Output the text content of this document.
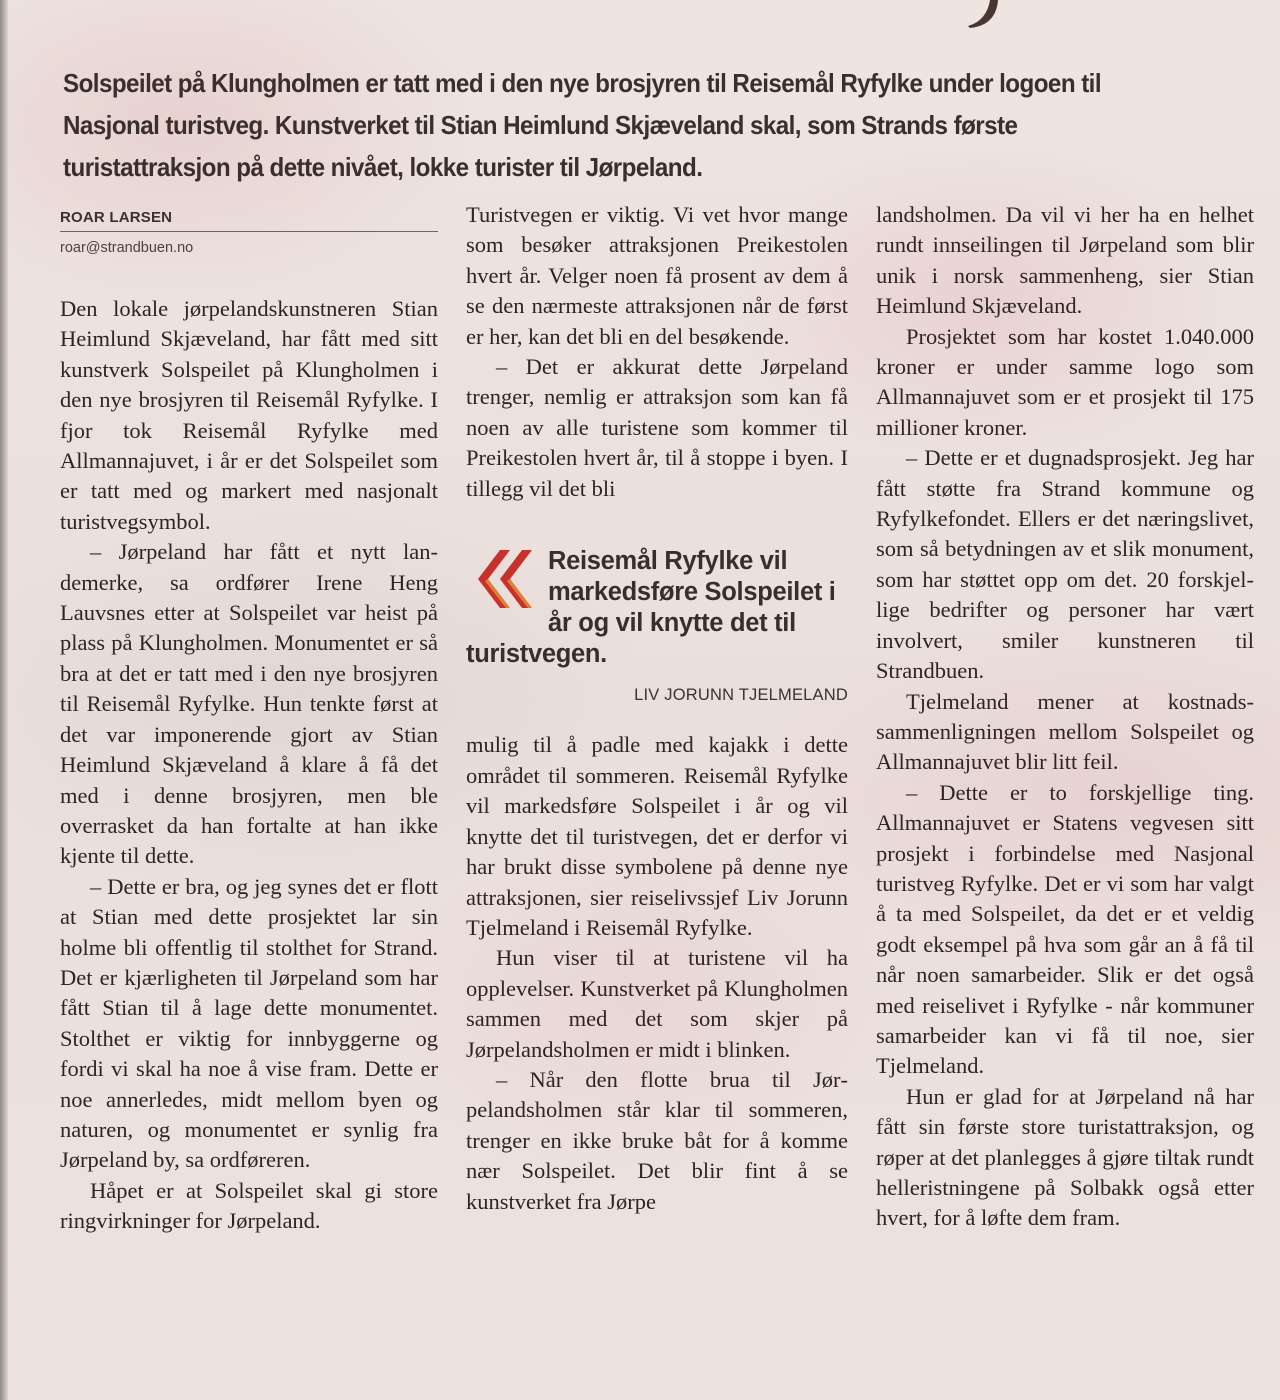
Solspeilet på Klungholmen er tatt med i den nye brosjyren til Reisemål Ryfylke under logoen til Nasjonal turistveg. Kunstverket til Stian Heimlund Skjæveland skal, som Strands første turistattraksjon på dette nivået, lokke turister til Jørpeland.

ROAR LARSEN
roar@strandbuen.no

Den lokale jørpelandskunstneren Stian Heimlund Skjæveland, har fått med sitt kunstverk Solspeilet på Klungholmen i den nye brosjyren til Reisemål Ryfylke. I fjor tok Reisemål Ryfylke med Allmannajuvet, i år er det Solspeilet som er tatt med og markert med nasjonalt turistvegsymbol.

– Jørpeland har fått et nytt landemerke, sa ordfører Irene Heng Lauvsnes etter at Solspeilet var heist på plass på Klungholmen. Monumentet er så bra at det er tatt med i den nye brosjyren til Reisemål Ryfylke. Hun tenkte først at det var imponerende gjort av Stian Heimlund Skjæveland å klare å få det med i denne brosjyren, men ble overrasket da han fortalte at han ikke kjente til dette.

– Dette er bra, og jeg synes det er flott at Stian med dette prosjektet lar sin holme bli offentlig til stolthet for Strand. Det er kjærligheten til Jørpeland som har fått Stian til å lage dette monumentet. Stolthet er viktig for innbyggerne og fordi vi skal ha noe å vise fram. Dette er noe annerledes, midt mellom byen og naturen, og monumentet er synlig fra Jørpeland by, sa ordføreren.

Håpet er at Solspeilet skal gi store ringvirkninger for Jørpeland.

Turistvegen er viktig. Vi vet hvor mange som besøker attraksjonen Preikestolen hvert år. Velger noen få prosent av dem å se den nærmeste attraksjonen når de først er her, kan det bli en del besøkende.

– Det er akkurat dette Jørpeland trenger, nemlig er attraksjon som kan få noen av alle turistene som kommer til Preikestolen hvert år, til å stoppe i byen. I tillegg vil det bli

Reisemål Ryfylke vil markedsføre Solspeilet i år og vil knytte det til turistvegen.
LIV JORUNN TJELMELAND

mulig til å padle med kajakk i dette området til sommeren. Reisemål Ryfylke vil markedsføre Solspeilet i år og vil knytte det til turistvegen, det er derfor vi har brukt disse symbolene på denne nye attraksjonen, sier reiselivssjef Liv Jorunn Tjelmeland i Reisemål Ryfylke.

Hun viser til at turistene vil ha opplevelser. Kunstverket på Klungholmen sammen med det som skjer på Jørpelandsholmen er midt i blinken.

– Når den flotte brua til Jørpelandsholmen står klar til sommeren, trenger en ikke bruke båt for å komme nær Solspeilet. Det blir fint å se kunstverket fra Jørpe

landsholmen. Da vil vi her ha en helhet rundt innseilingen til Jørpeland som blir unik i norsk sammenheng, sier Stian Heimlund Skjæveland.

Prosjektet som har kostet 1.040.000 kroner er under samme logo som Allmannajuvet som er et prosjekt til 175 millioner kroner.

– Dette er et dugnadsprosjekt. Jeg har fått støtte fra Strand kommune og Ryfylkefondet. Ellers er det næringslivet, som så betydningen av et slik monument, som har støttet opp om det. 20 forskjellige bedrifter og personer har vært involvert, smiler kunstneren til Strandbuen.

Tjelmeland mener at kostnadssammenligningen mellom Solspeilet og Allmannajuvet blir litt feil.

– Dette er to forskjellige ting. Allmannajuvet er Statens vegvesen sitt prosjekt i forbindelse med Nasjonal turistveg Ryfylke. Det er vi som har valgt å ta med Solspeilet, da det er et veldig godt eksempel på hva som går an å få til når noen samarbeider. Slik er det også med reiselivet i Ryfylke - når kommuner samarbeider kan vi få til noe, sier Tjelmeland.

Hun er glad for at Jørpeland nå har fått sin første store turistattraksjon, og røper at det planlegges å gjøre tiltak rundt helleristningene på Solbakk også etter hvert, for å løfte dem fram.
